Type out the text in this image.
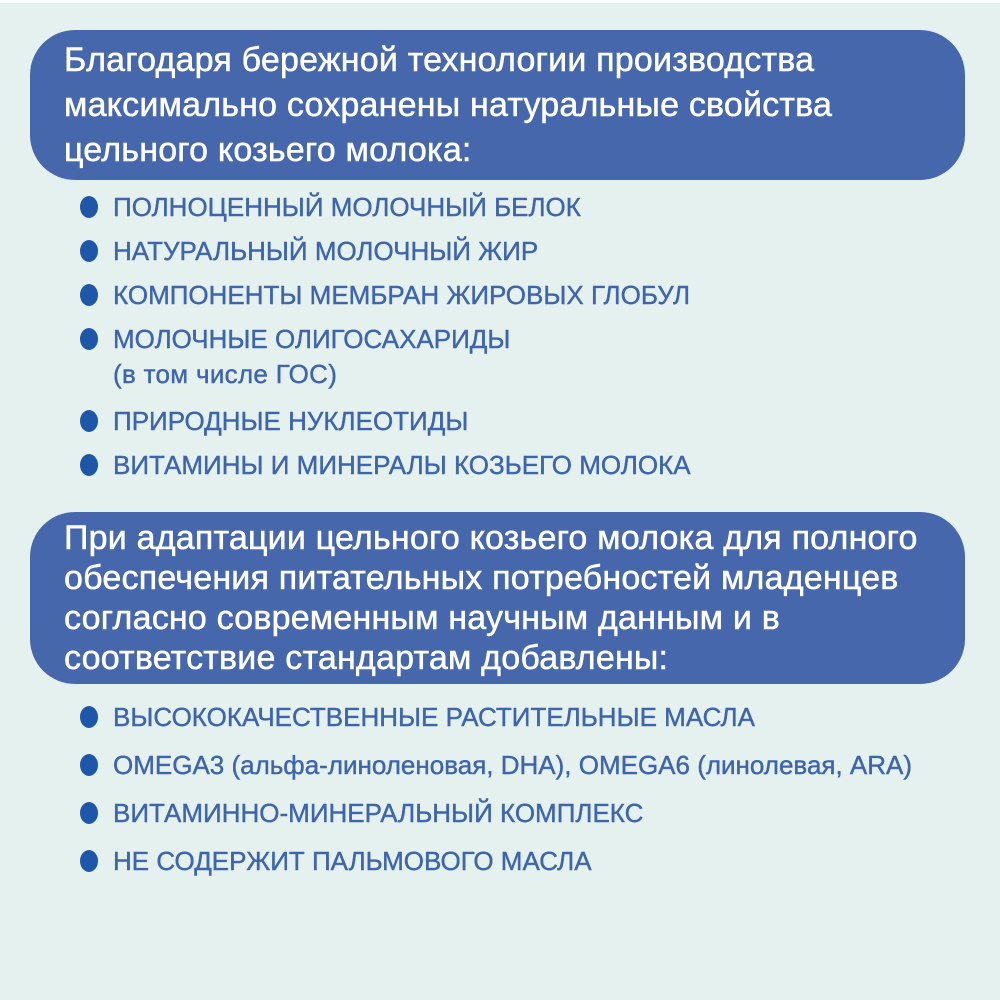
Благодаря бережной технологии производства
максимально сохранены натуральные свойства
цельного козьего молока:
ПОЛНОЦЕННЫЙ МОЛОЧНЫЙ БЕЛОК
НАТУРАЛЬНЫЙ МОЛОЧНЫЙ ЖИР
КОМПОНЕНТЫ МЕМБРАН ЖИРОВЫХ ГЛОБУЛ
МОЛОЧНЫЕ ОЛИГОСАХАРИДЫ
(в том числе ГОС)
ПРИРОДНЫЕ НУКЛЕОТИДЫ
ВИТАМИНЫ И МИНЕРАЛЫ КОЗЬЕГО МОЛОКА
При адаптации цельного козьего молока для полного
обеспечения питательных потребностей младенцев
согласно современным научным данным и в
соответствие стандартам добавлены:
ВЫСОКОКАЧЕСТВЕННЫЕ РАСТИТЕЛЬНЫЕ МАСЛА
OMEGA3 (альфа-линоленовая, DHA), OMEGA6 (линолевая, ARA)
ВИТАМИННО-МИНЕРАЛЬНЫЙ КОМПЛЕКС
НЕ СОДЕРЖИТ ПАЛЬМОВОГО МАСЛА
